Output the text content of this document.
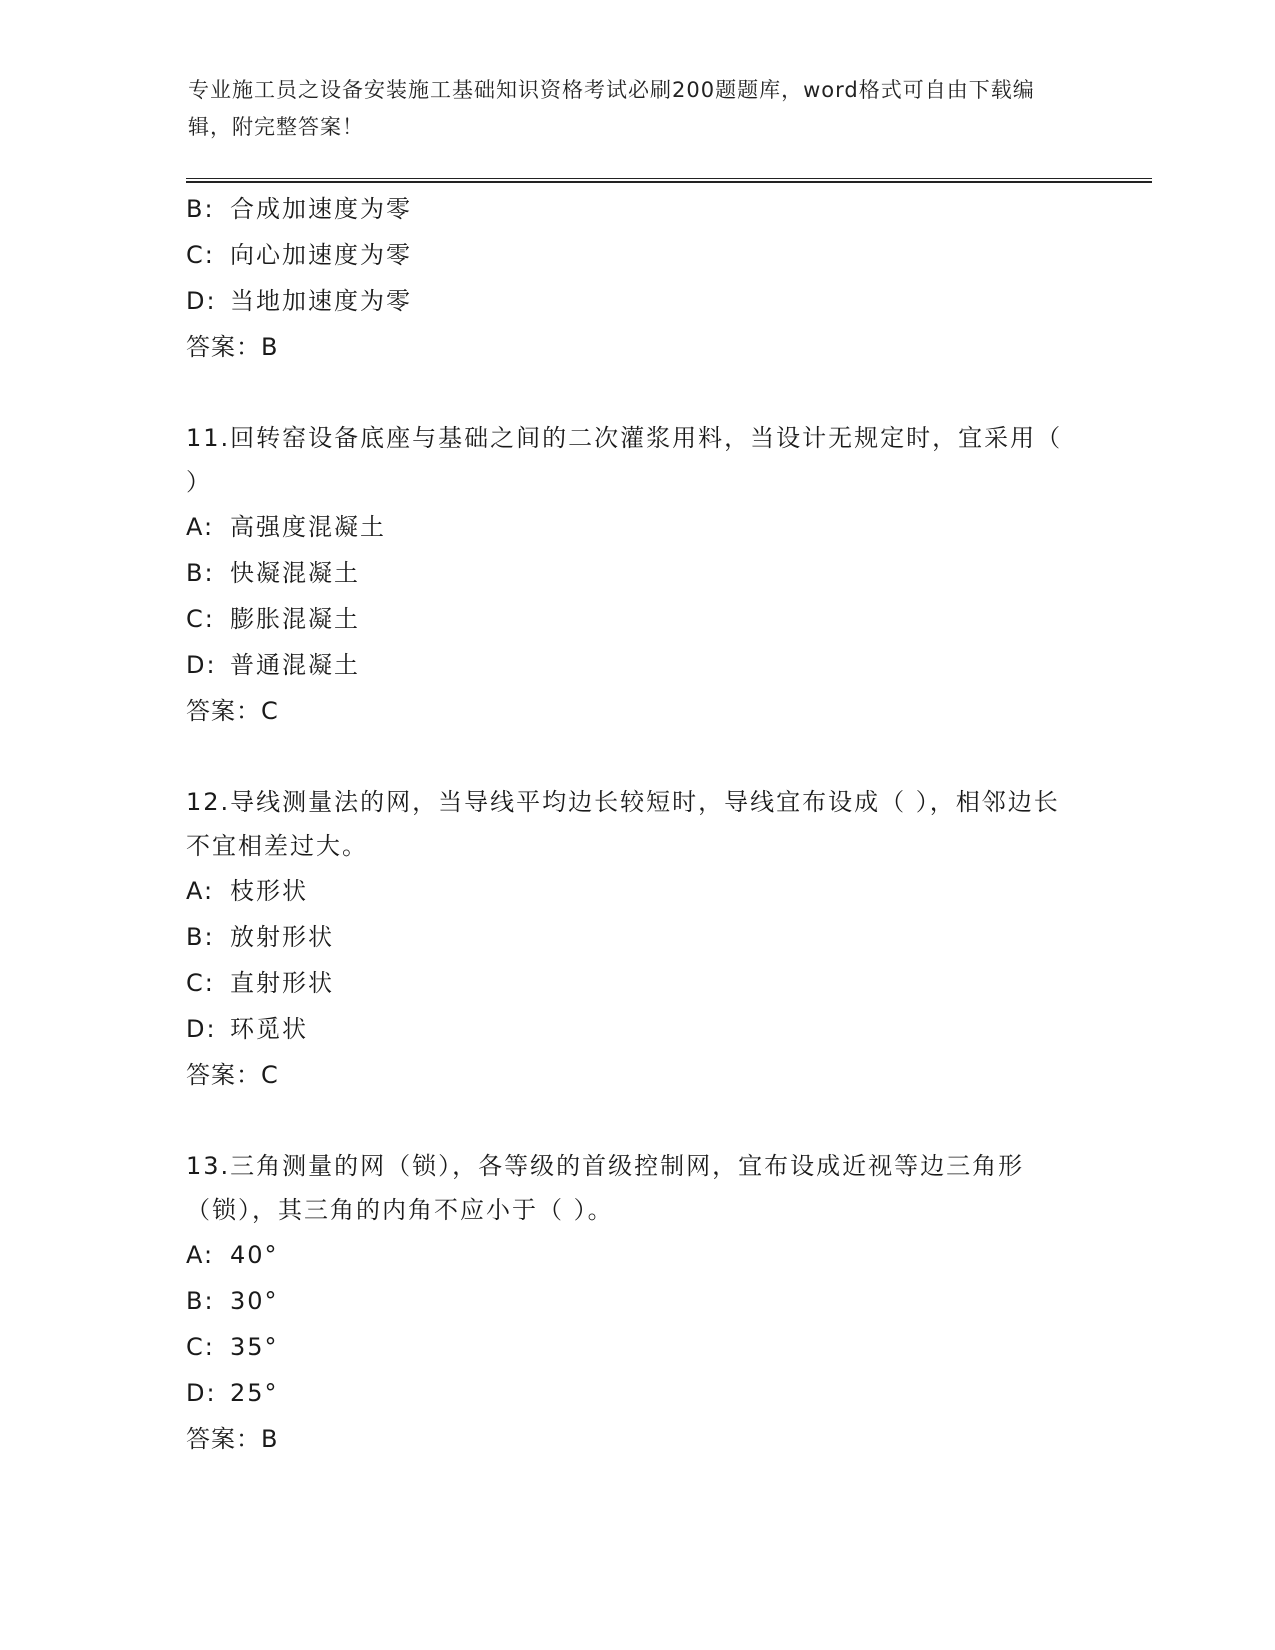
专业施工员之设备安装施工基础知识资格考试必刷200题题库，word格式可自由下载编辑，附完整答案！
B: 合成加速度为零
C: 向心加速度为零
D: 当地加速度为零
答案：B
11.回转窑设备底座与基础之间的二次灌浆用料，当设计无规定时，宜采用（ ）
A: 高强度混凝土
B: 快凝混凝土
C: 膨胀混凝土
D: 普通混凝土
答案：C
12.导线测量法的网，当导线平均边长较短时，导线宜布设成（ ），相邻边长不宜相差过大。
A: 枝形状
B: 放射形状
C: 直射形状
D: 环觅状
答案：C
13.三角测量的网（锁），各等级的首级控制网，宜布设成近视等边三角形（锁），其三角的内角不应小于（ ）。
A: 40°
B: 30°
C: 35°
D: 25°
答案：B
